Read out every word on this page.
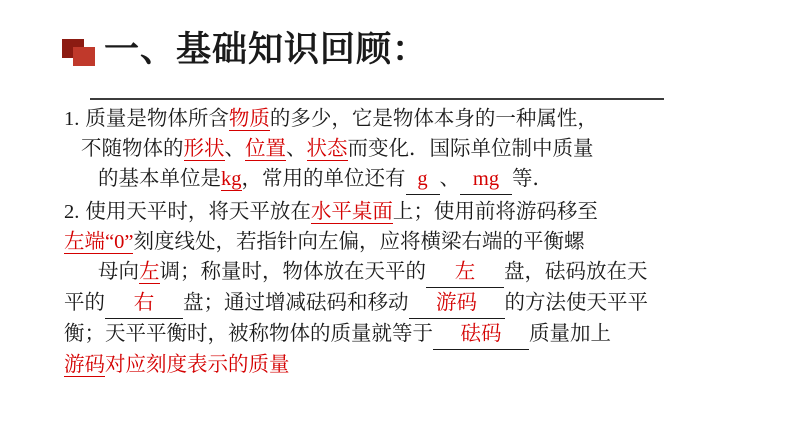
一、基础知识回顾：
1. 质量是物体所含物质的多少，它是物体本身的一种属性，
不随物体的形状、位置、状态而变化．国际单位制中质量
的基本单位是kg，常用的单位还有 g 、 mg 等．
2. 使用天平时，将天平放在水平桌面上；使用前将游码移至
左端“0”刻度线处，若指针向左偏，应将横梁右端的平衡螺
母向左调；称量时，物体放在天平的 左 盘，砝码放在天
平的 右 盘；通过增减砝码和移动 游码 的方法使天平平
衡；天平平衡时，被称物体的质量就等于 砝码 质量加上
游码对应刻度表示的质量
